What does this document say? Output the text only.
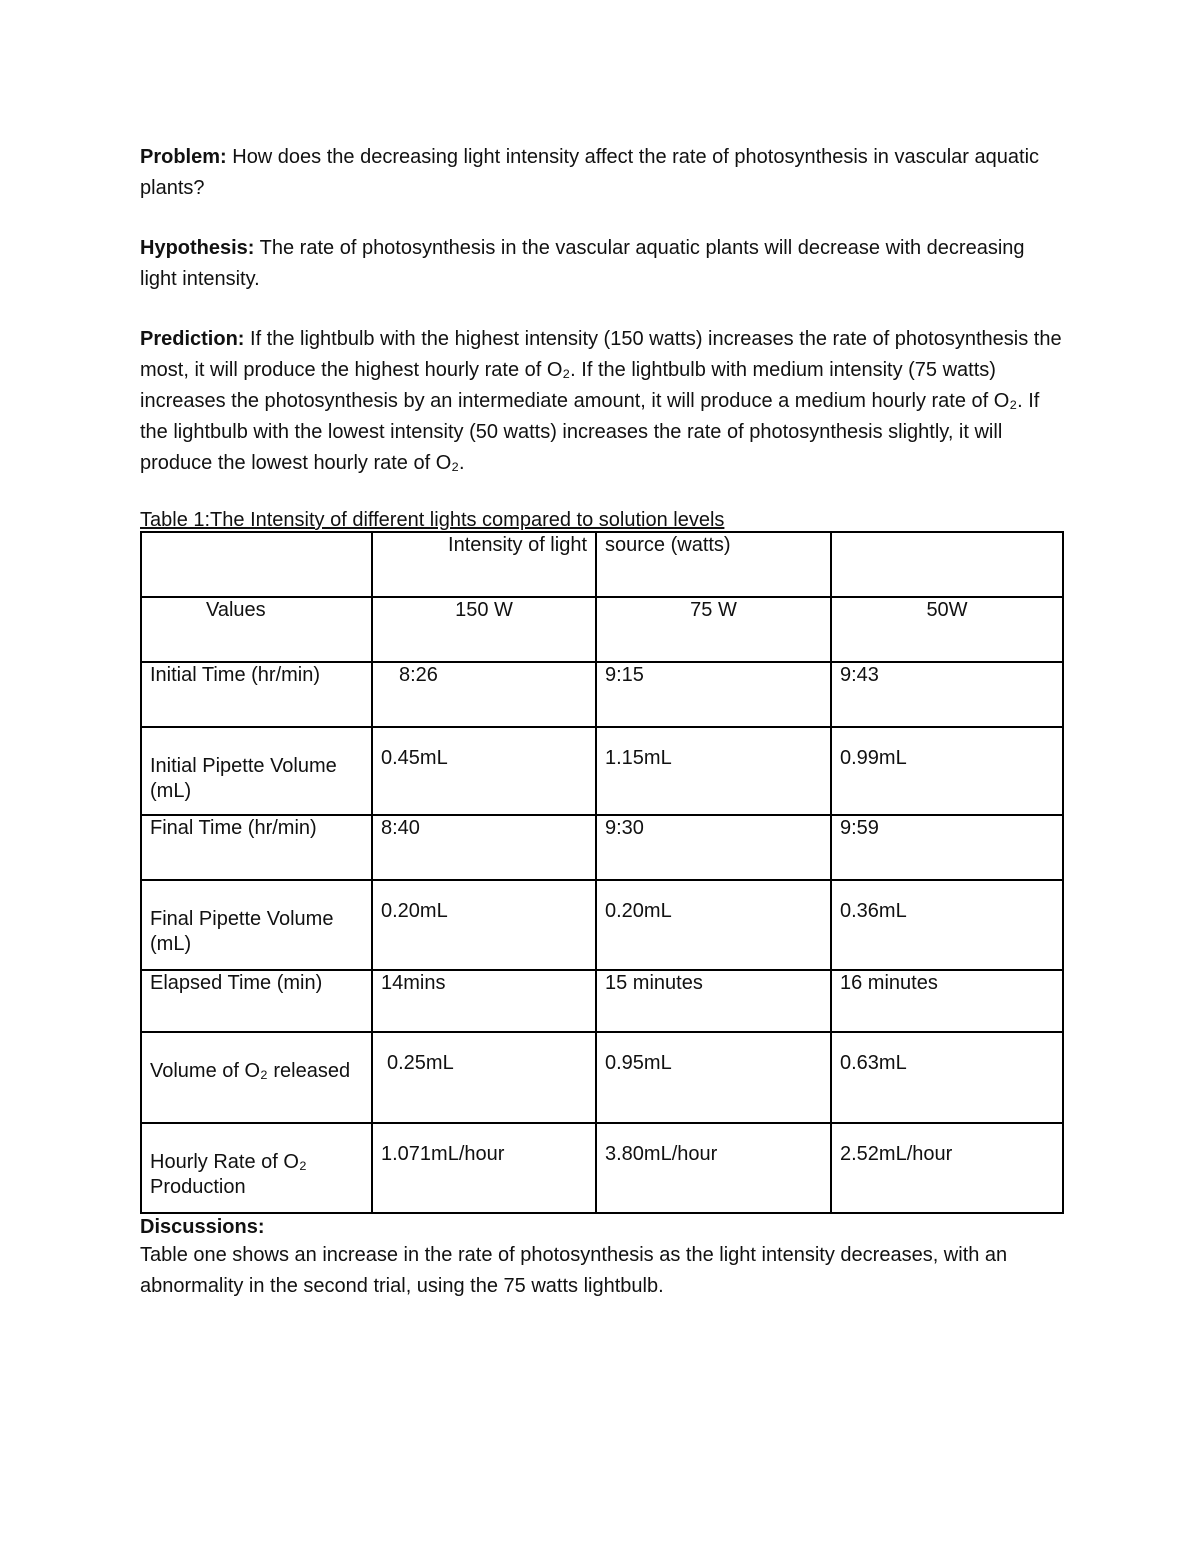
Problem: How does the decreasing light intensity affect the rate of photosynthesis in vascular aquatic plants?

Hypothesis: The rate of photosynthesis in the vascular aquatic plants will decrease with decreasing light intensity.

Prediction: If the lightbulb with the highest intensity (150 watts) increases the rate of photosynthesis the most, it will produce the highest hourly rate of O₂. If the lightbulb with medium intensity (75 watts) increases the photosynthesis by an intermediate amount, it will produce a medium hourly rate of O₂. If the lightbulb with the lowest intensity (50 watts) increases the rate of photosynthesis slightly, it will produce the lowest hourly rate of O₂.

Table 1:The Intensity of different lights compared to solution levels
	Intensity of light	source (watts)	
Values	150 W	75 W	50W
Initial Time (hr/min)	8:26	9:15	9:43
Initial Pipette Volume (mL)	0.45mL	1.15mL	0.99mL
Final Time (hr/min)	8:40	9:30	9:59
Final Pipette Volume (mL)	0.20mL	0.20mL	0.36mL
Elapsed Time (min)	14mins	15 minutes	16 minutes
Volume of O₂ released	0.25mL	0.95mL	0.63mL
Hourly Rate of O₂ Production	1.071mL/hour	3.80mL/hour	2.52mL/hour
Discussions:

Table one shows an increase in the rate of photosynthesis as the light intensity decreases, with an abnormality in the second trial, using the 75 watts lightbulb.
